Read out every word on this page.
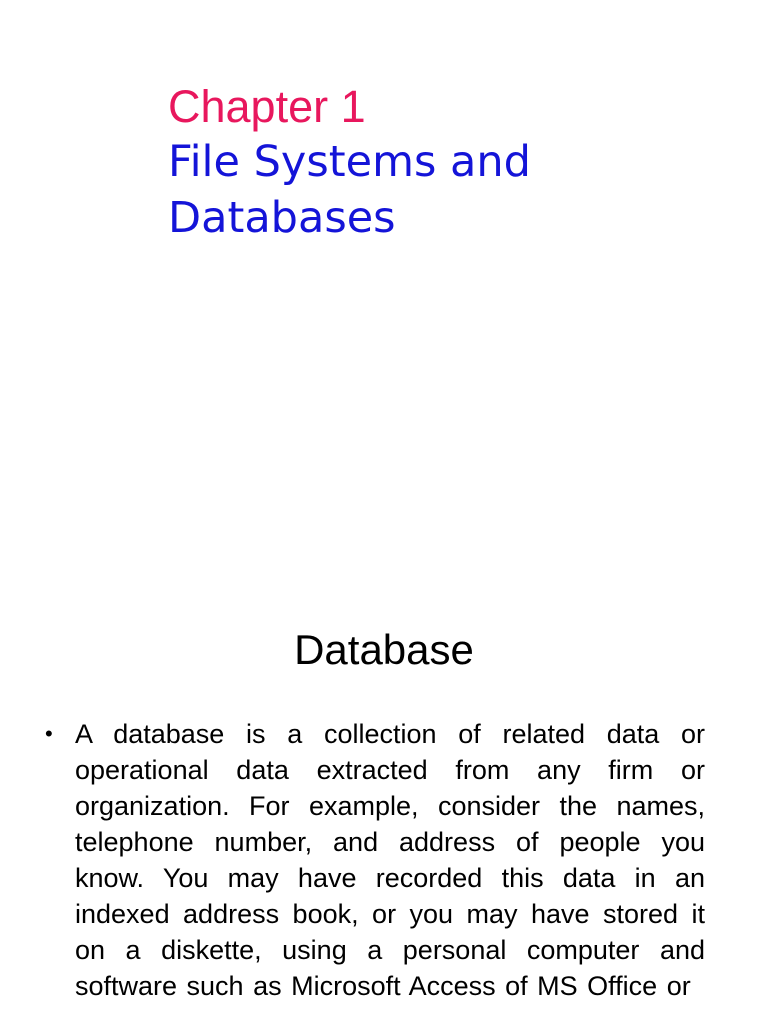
Chapter 1
File Systems and
Databases
Database
• A database is a collection of related data or operational data extracted from any firm or organization. For example, consider the names, telephone number, and address of people you know. You may have recorded this data in an indexed address book, or you may have stored it on a diskette, using a personal computer and software such as Microsoft Access of MS Office or
